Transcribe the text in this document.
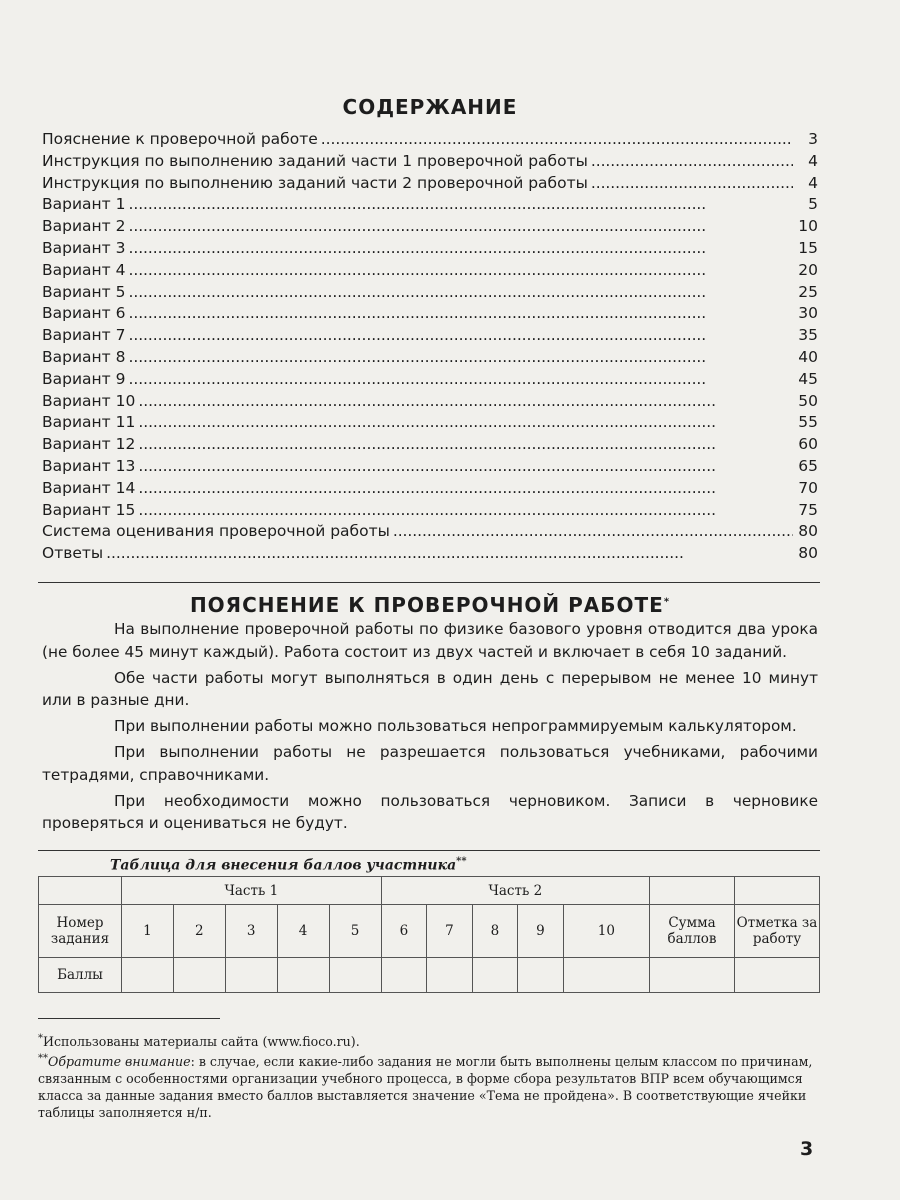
СОДЕРЖАНИЕ
Пояснение к проверочной работе . . .	3
Инструкция по выполнению заданий части 1 проверочной работы . . .	4
Инструкция по выполнению заданий части 2 проверочной работы . . .	4
Вариант 1 . . .	5
Вариант 2 . . .	10
Вариант 3 . . .	15
Вариант 4 . . .	20
Вариант 5 . . .	25
Вариант 6 . . .	30
Вариант 7 . . .	35
Вариант 8 . . .	40
Вариант 9 . . .	45
Вариант 10 . . .	50
Вариант 11 . . .	55
Вариант 12 . . .	60
Вариант 13 . . .	65
Вариант 14 . . .	70
Вариант 15 . . .	75
Система оценивания проверочной работы . . .	80
Ответы . . .	80
ПОЯСНЕНИЕ К ПРОВЕРОЧНОЙ РАБОТЕ*

На выполнение проверочной работы по физике базового уровня отводится два урока (не более 45 минут каждый). Работа состоит из двух частей и включает в себя 10 заданий.

Обе части работы могут выполняться в один день с перерывом не менее 10 минут или в разные дни.

При выполнении работы можно пользоваться непрограммируемым калькулятором.

При выполнении работы не разрешается пользоваться учебниками, рабочими тетрадями, справочниками.

При необходимости можно пользоваться черновиком. Записи в черновике проверяться и оцениваться не будут.

Таблица для внесения баллов участника**
	Часть 1					Часть 2						
Номер задания	1	2	3	4	5	6	7	8	9	10	Сумма баллов	Отметка за работу
Баллы												

*Использованы материалы сайта (www.fioco.ru).

**Обратите внимание: в случае, если какие-либо задания не могли быть выполнены целым классом по причинам, связанным с особенностями организации учебного процесса, в форме сбора результатов ВПР всем обучающимся класса за данные задания вместо баллов выставляется значение «Тема не пройдена». В соответствующие ячейки таблицы заполняется н/п.

3
